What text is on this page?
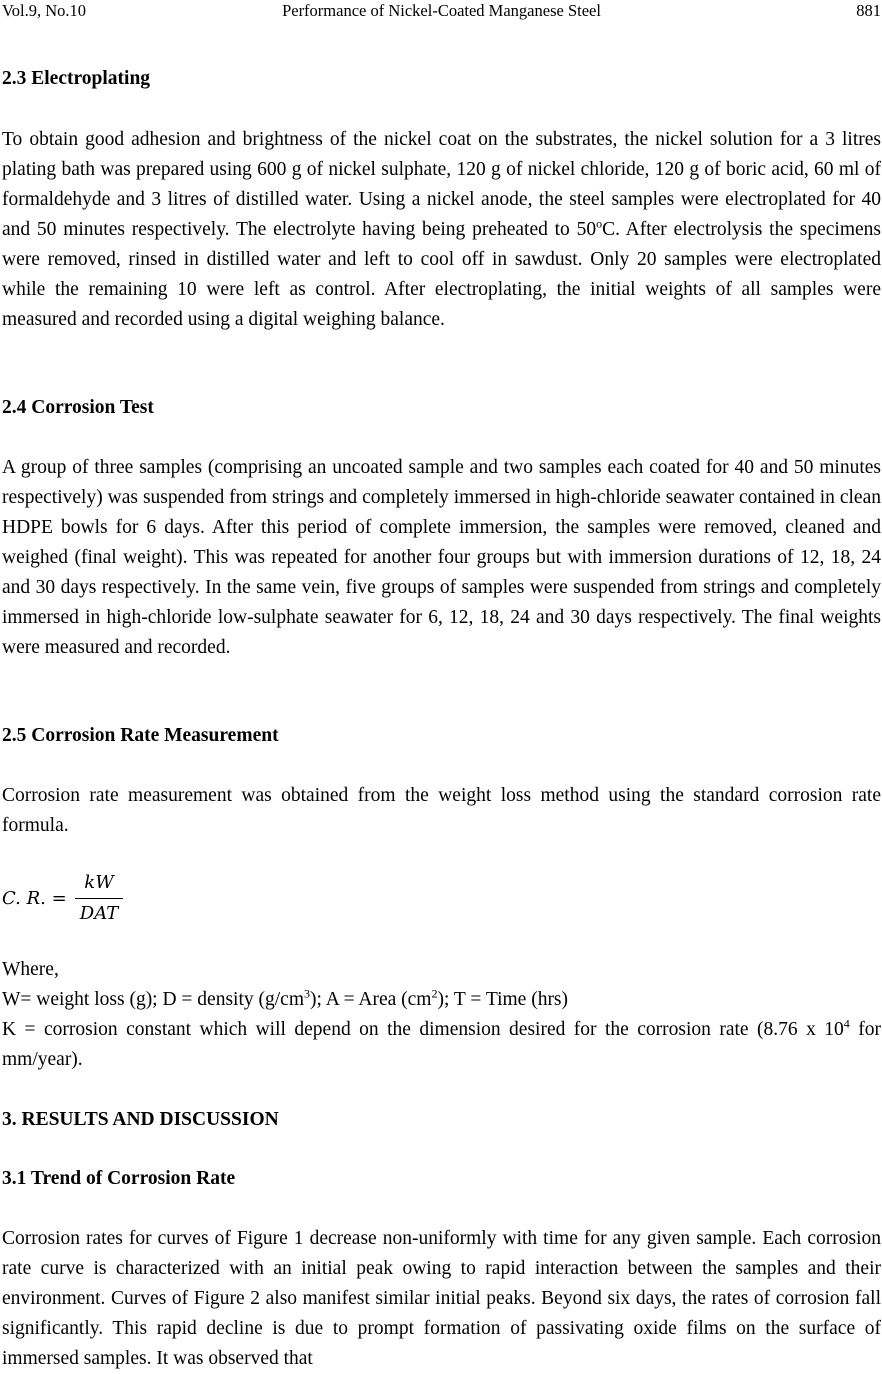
Vol.9, No.10	Performance of Nickel-Coated Manganese Steel	881
2.3 Electroplating

To obtain good adhesion and brightness of the nickel coat on the substrates, the nickel solution for a 3 litres plating bath was prepared using 600 g of nickel sulphate, 120 g of nickel chloride, 120 g of boric acid, 60 ml of formaldehyde and 3 litres of distilled water. Using a nickel anode, the steel samples were electroplated for 40 and 50 minutes respectively. The electrolyte having being preheated to 50$^o$C. After electrolysis the specimens were removed, rinsed in distilled water and left to cool off in sawdust. Only 20 samples were electroplated while the remaining 10 were left as control. After electroplating, the initial weights of all samples were measured and recorded using a digital weighing balance.

2.4 Corrosion Test

A group of three samples (comprising an uncoated sample and two samples each coated for 40 and 50 minutes respectively) was suspended from strings and completely immersed in high-chloride seawater contained in clean HDPE bowls for 6 days. After this period of complete immersion, the samples were removed, cleaned and weighed (final weight). This was repeated for another four groups but with immersion durations of 12, 18, 24 and 30 days respectively. In the same vein, five groups of samples were suspended from strings and completely immersed in high-chloride low-sulphate seawater for 6, 12, 18, 24 and 30 days respectively. The final weights were measured and recorded.

2.5 Corrosion Rate Measurement

Corrosion rate measurement was obtained from the weight loss method using the standard corrosion rate formula.

C. R. =
kW
DAT

Where,

W= weight loss (g); D = density $(g/cm^3)$; A = Area $(cm^2)$; T = Time (hrs)

K = corrosion constant which will depend on the dimension desired for the corrosion rate (8.76 x $10^4$ for mm/year).

3. RESULTS AND DISCUSSION
3.1 Trend of Corrosion Rate

Corrosion rates for curves of Figure 1 decrease non-uniformly with time for any given sample. Each corrosion rate curve is characterized with an initial peak owing to rapid interaction between the samples and their environment. Curves of Figure 2 also manifest similar initial peaks. Beyond six days, the rates of corrosion fall significantly. This rapid decline is due to prompt formation of passivating oxide films on the surface of immersed samples. It was observed that
